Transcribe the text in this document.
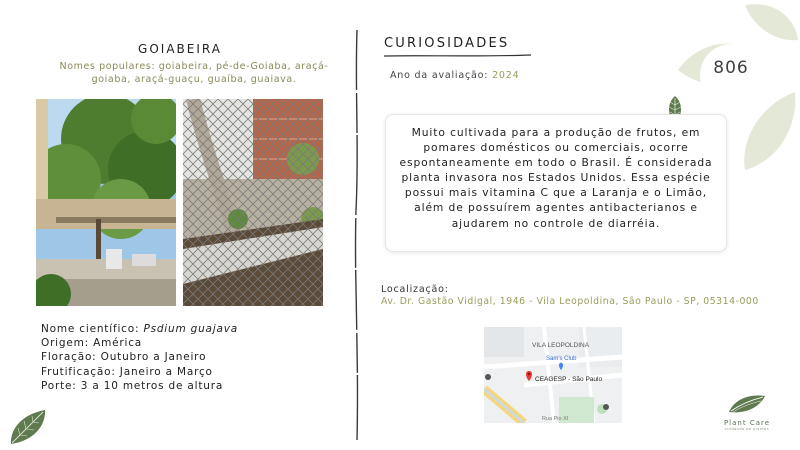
806
GOIABEIRA
Nomes populares: goiabeira, pé-de-Goiaba, araçá-goiaba, araçá-guaçu, guaíba, guaiava.
Nome científico: Psdium guajava
Origem: América
Floração: Outubro a Janeiro
Frutificação: Janeiro a Março
Porte: 3 a 10 metros de altura
CURIOSIDADES
Ano da avaliação: 2024
Muito cultivada para a produção de frutos, em pomares domésticos ou comerciais, ocorre espontaneamente em todo o Brasil. É considerada planta invasora nos Estados Unidos. Essa espécie possui mais vitamina C que a Laranja e o Limão, além de possuírem agentes antibacterianos e ajudarem no controle de diarréia.
Localização:
Av. Dr. Gastão Vidigal, 1946 - Vila Leopoldina, São Paulo - SP, 05314-000
VILA LEOPOLDINA
Sam's Club
CEAGESP - São Paulo
Rua Pio XI	Plant Care
cuidando de plantas
